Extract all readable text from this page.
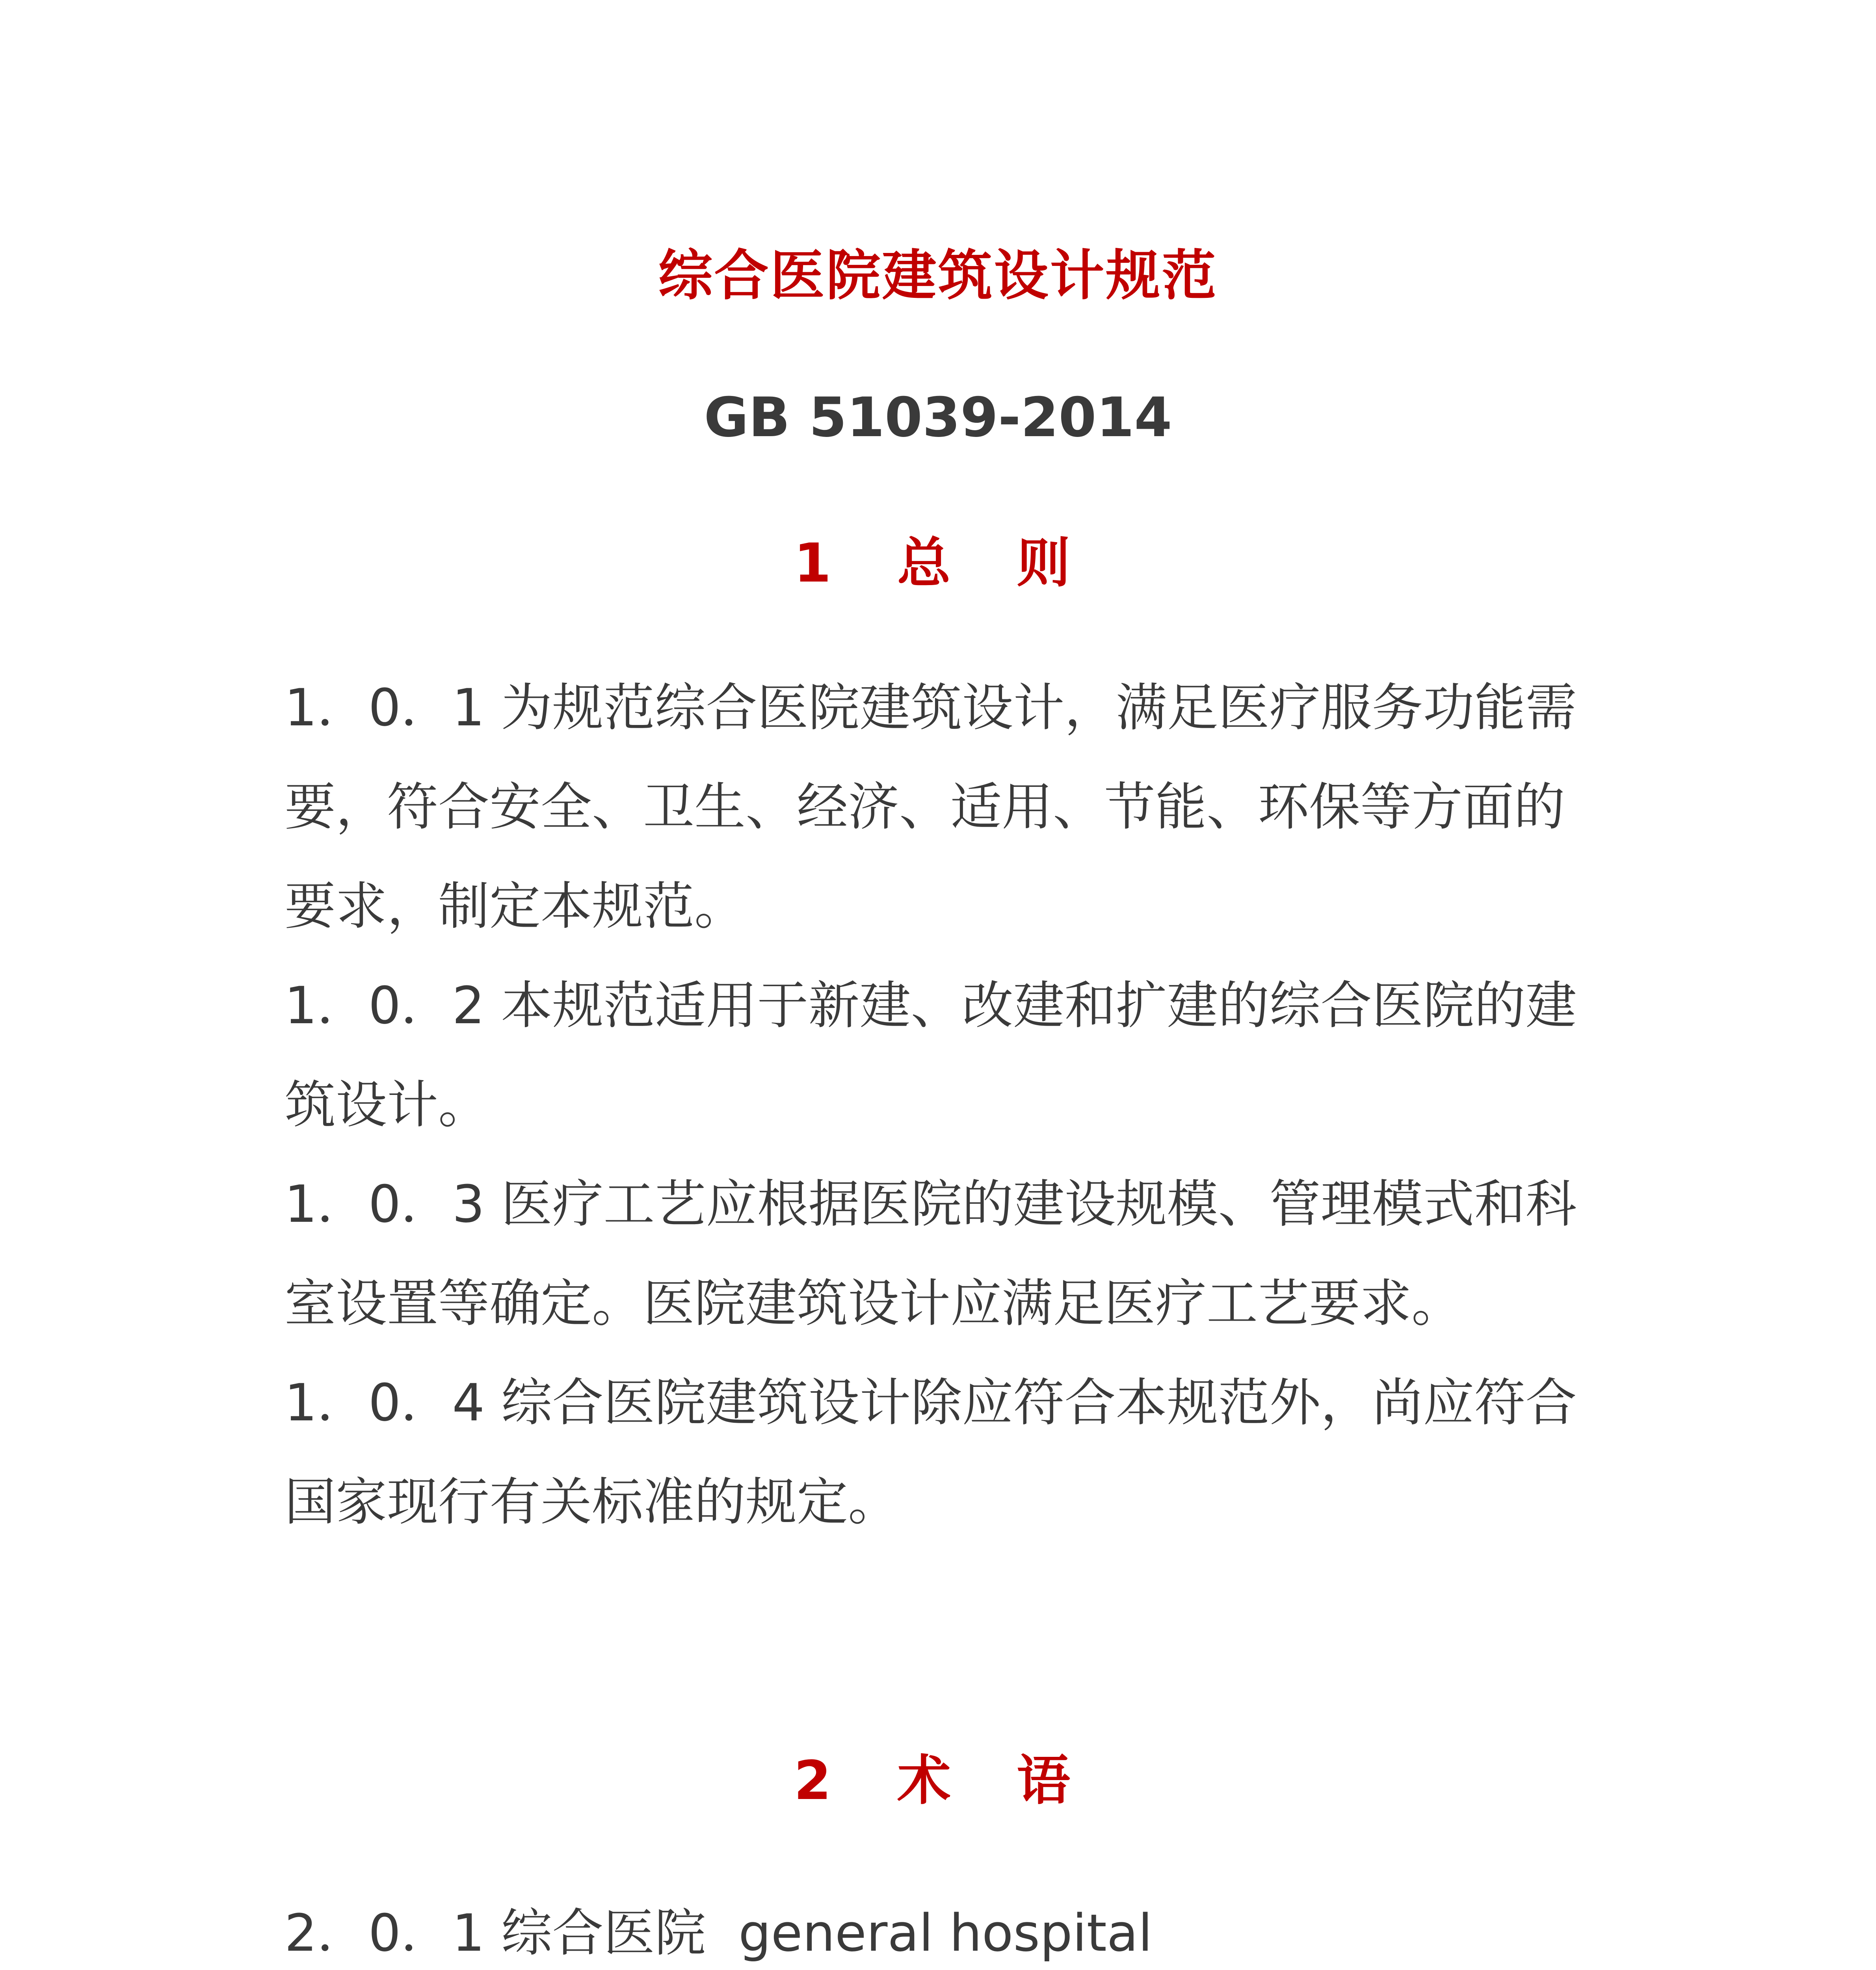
综合医院建筑设计规范
GB 51039-2014
1 总 则

1．0．1 为规范综合医院建筑设计，满足医疗服务功能需要，符合安全、卫生、经济、适用、节能、环保等方面的要求，制定本规范。

1．0．2 本规范适用于新建、改建和扩建的综合医院的建筑设计。

1．0．3 医疗工艺应根据医院的建设规模、管理模式和科室设置等确定。医院建筑设计应满足医疗工艺要求。

1．0．4 综合医院建筑设计除应符合本规范外，尚应符合国家现行有关标准的规定。

2 术 语

2．0．1 综合医院  general hospital
